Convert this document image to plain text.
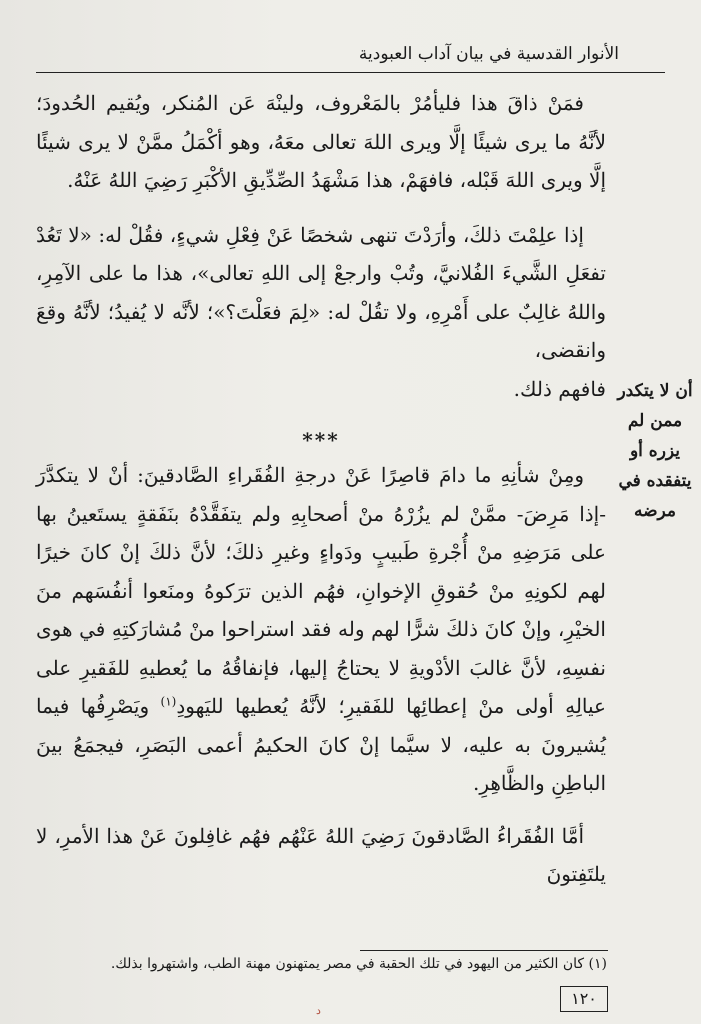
الأنوار القدسية في بيان آداب العبودية

فمَنْ ذاقَ هذا فليأمُرْ بالمَعْروف، ولينْهَ عَن المُنكر، ويُقيم الحُدودَ؛ لأنَّهُ ما يرى شيئًا إلَّا ويرى اللهَ تعالى معَهُ، وهو أكْمَلُ ممَّنْ لا يرى شيئًا إلَّا ويرى اللهَ قَبْله، فافهَمْ، هذا مَشْهَدُ الصِّدِّيقِ الأكْبَرِ رَضِيَ اللهُ عَنْهُ.

إذا علِمْتَ ذلكَ، وأرَدْتَ تنهى شخصًا عَنْ فِعْلِ شيءٍ، فقُلْ له: «لا تَعُدْ تفعَلِ الشَّيءَ الفُلانيَّ، وتُبْ وارجعْ إلى اللهِ تعالى»، هذا ما على الآمِرِ، واللهُ غالِبٌ على أَمْرِهِ، ولا تقُلْ له: «لِمَ فعَلْتَ؟»؛ لأنَّه لا يُفيدُ؛ لأنَّهُ وقعَ وانقضى،

فافهم ذلك.

***

ومِنْ شأنِهِ ما دامَ قاصِرًا عَنْ درجةِ الفُقَراءِ الصَّادقينَ: أنْ لا يتكدَّرَ -إذا مَرِضَ- ممَّنْ لم يزُرْهُ منْ أصحابِهِ ولم يتفَقَّدْهُ بنَفَقةٍ يستَعينُ بها على مَرَضِهِ منْ أُجْرةِ طَبيبٍ ودَواءٍ وغيرِ ذلكَ؛ لأنَّ ذلكَ إنْ كانَ خيرًا لهم لكونِهِ منْ حُقوقِ الإخوانِ، فهُم الذين ترَكوهُ ومنَعوا أنفُسَهم منَ الخيْرِ، وإنْ كانَ ذلكَ شرًّا لهم وله فقد استراحوا منْ مُشارَكتِهِ في هوى نفسِهِ، لأنَّ غالبَ الأدْويةِ لا يحتاجُ إليها، فإنفاقُهُ ما يُعطيهِ للفَقيرِ على عيالِهِ أولى منْ إعطائِها للفَقيرِ؛ لأنَّهُ يُعطيها لليَهودِ$^{(١)}$ ويَصْرِفُها فيما يُشيرونَ به عليه، لا سيَّما إنْ كانَ الحكيمُ أعمى البَصَرِ، فيجمَعُ بينَ الباطِنِ والظَّاهِرِ.

أمَّا الفُقَراءُ الصَّادقونَ رَضِيَ اللهُ عَنْهُم فهُم غافِلونَ عَنْ هذا الأمرِ، لا يلتَفِتونَ

أن لا يتكدر ممن لم يزره أو يتفقده في مرضه
(١) كان الكثير من اليهود في تلك الحقبة في مصر يمتهنون مهنة الطب، واشتهروا بذلك.
١٢٠
د
